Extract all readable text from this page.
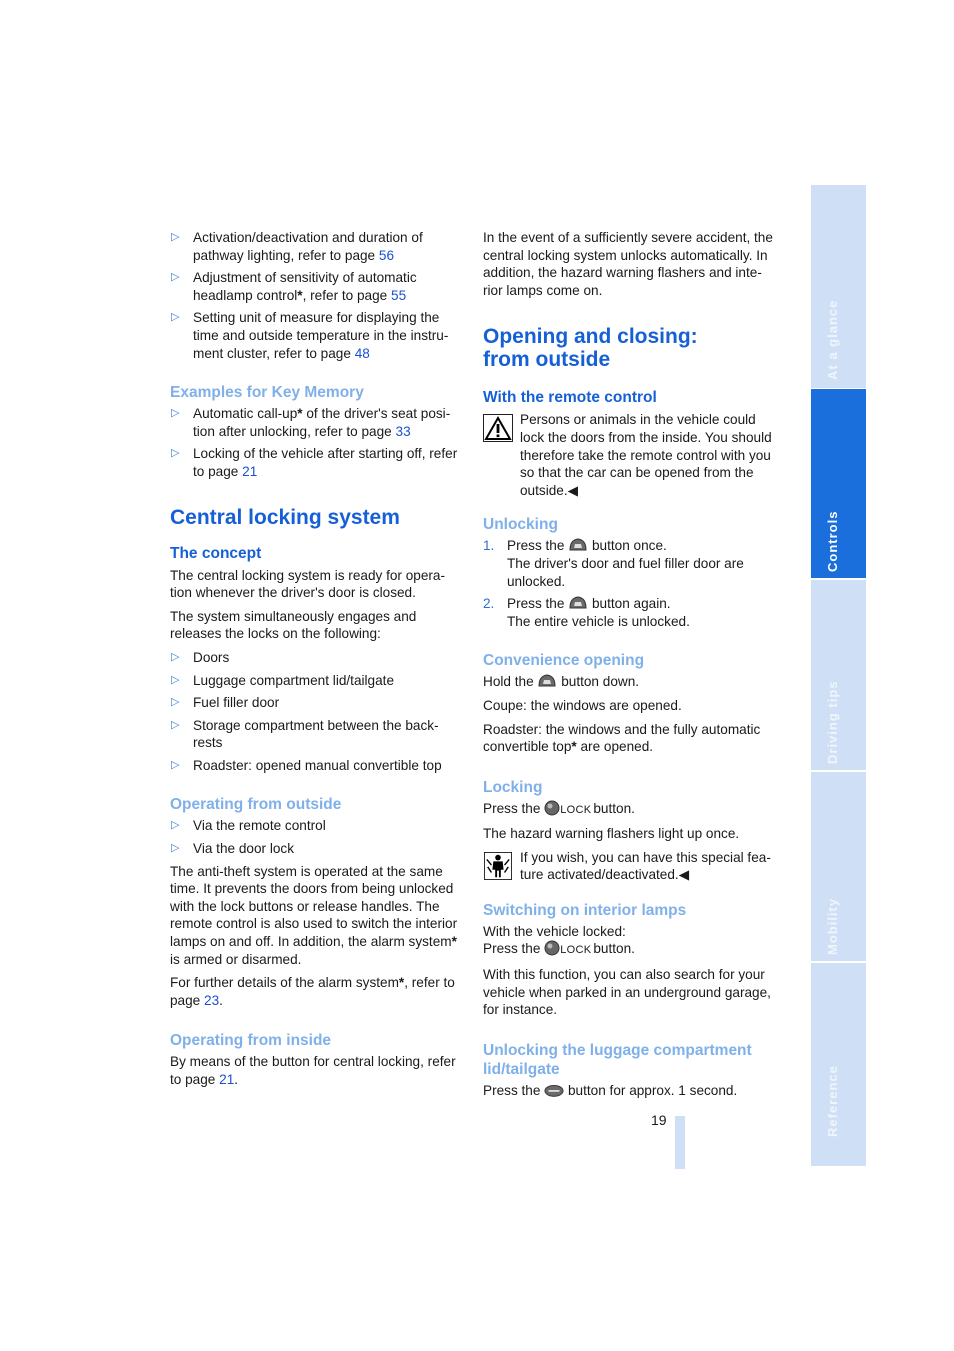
▷ Activation/deactivation and duration of pathway lighting, refer to page 56
▷ Adjustment of sensitivity of automatic headlamp control*, refer to page 55
▷ Setting unit of measure for displaying the time and outside temperature in the instru-ment cluster, refer to page 48
Examples for Key Memory
▷ Automatic call-up* of the driver's seat posi-tion after unlocking, refer to page 33
▷ Locking of the vehicle after starting off, refer to page 21
Central locking system
The concept

The central locking system is ready for opera-tion whenever the driver's door is closed.

The system simultaneously engages and releases the locks on the following:

▷ Doors
▷ Luggage compartment lid/tailgate
▷ Fuel filler door
▷ Storage compartment between the back-rests
▷ Roadster: opened manual convertible top
Operating from outside
▷ Via the remote control
▷ Via the door lock

The anti-theft system is operated at the same time. It prevents the doors from being unlocked with the lock buttons or release handles. The remote control is also used to switch the interior lamps on and off. In addition, the alarm system* is armed or disarmed.

For further details of the alarm system*, refer to page 23.

Operating from inside

By means of the button for central locking, refer to page 21.

In the event of a sufficiently severe accident, the central locking system unlocks automatically. In addition, the hazard warning flashers and inte-rior lamps come on.

Opening and closing:
from outside
With the remote control
Persons or animals in the vehicle could lock the doors from the inside. You should therefore take the remote control with you so that the car can be opened from the outside.◀
Unlocking
1. Press the  button once.
The driver's door and fuel filler door are unlocked.
2. Press the  button again.
The entire vehicle is unlocked.
Convenience opening

Hold the  button down.

Coupe: the windows are opened.

Roadster: the windows and the fully automatic convertible top* are opened.

Locking

Press the LOCK button.

The hazard warning flashers light up once.

If you wish, you can have this special fea-ture activated/deactivated.◀
Switching on interior lamps

With the vehicle locked:
Press the LOCK button.

With this function, you can also search for your vehicle when parked in an underground garage, for instance.

Unlocking the luggage compartment lid/tailgate

Press the  button for approx. 1 second.

19
At a glance
Controls
Driving tips
Mobility
Reference
